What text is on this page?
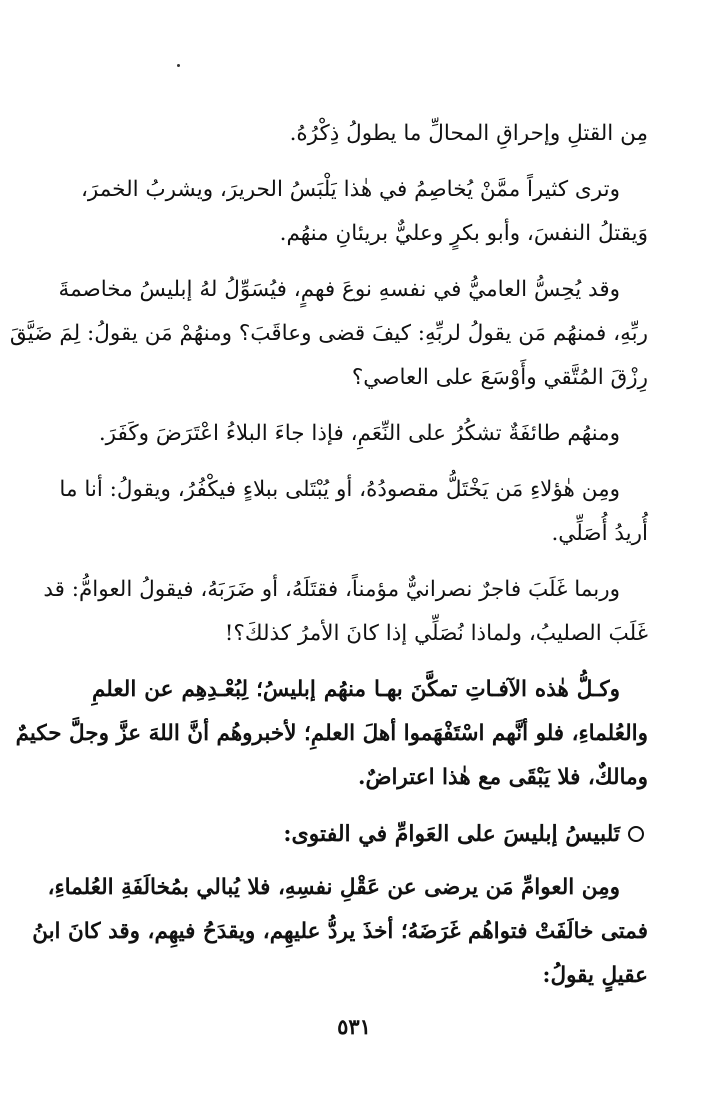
مِن القتلِ وإحراقِ المحالِّ ما يطولُ ذِكْرُهُ.
وترى كثيراً ممَّنْ يُخاصِمُ في هٰذا يَلْبَسُ الحريرَ، ويشربُ الخمرَ،
وَيقتلُ النفسَ، وأبو بكرٍ وعليٌّ بريئانِ منهُم.
وقد يُحِسُّ العاميُّ في نفسهِ نوعَ فهمٍ، فيُسَوِّلُ لهُ إبليسُ مخاصمةَ
ربِّهِ، فمنهُم مَن يقولُ لربِّهِ: كيفَ قضى وعاقَبَ؟ ومنهُمْ مَن يقولُ: لِمَ ضَيَّقَ
رِزْقَ المُتَّقي وأَوْسَعَ على العاصي؟
ومنهُم طائفَةٌ تشكُرُ على النِّعَمِ، فإذا جاءَ البلاءُ اعْتَرَضَ وكَفَرَ.
ومِن هٰؤلاءِ مَن يَخْتَلُّ مقصودُهُ، أو يُبْتَلى ببلاءٍ فيكْفُرُ، ويقولُ: أنا ما
أُريدُ أُصَلِّي.
وربما غَلَبَ فاجرٌ نصرانيٌّ مؤمناً، فقتَلَهُ، أو ضَرَبَهُ، فيقولُ العوامُّ: قد
غَلَبَ الصليبُ، ولماذا نُصَلِّي إذا كانَ الأمرُ كذلكَ؟!
وكـلُّ هٰذه الآفـاتِ تمكَّنَ بهـا منهُم إبليسُ؛ لِبُعْـدِهِم عن العلمِ
والعُلماءِ، فلو أنَّهم اسْتَفْهَموا أهلَ العلمِ؛ لأخبروهُم أنَّ اللهَ عزَّ وجلَّ حكيمٌ
ومالكٌ، فلا يَبْقَى مع هٰذا اعتراضٌ.
تَلبيسُ إبليسَ على العَوامِّ في الفتوى:
ومِن العوامِّ مَن يرضى عن عَقْلِ نفسِهِ، فلا يُبالي بمُخالَفَةِ العُلماءِ،
فمتى خالَفَتْ فتواهُم غَرَضَهُ؛ أخذَ يردُّ عليهِم، ويقدَحُ فيهِم، وقد كانَ ابنُ
عقيلٍ يقولُ:
٥٣١
